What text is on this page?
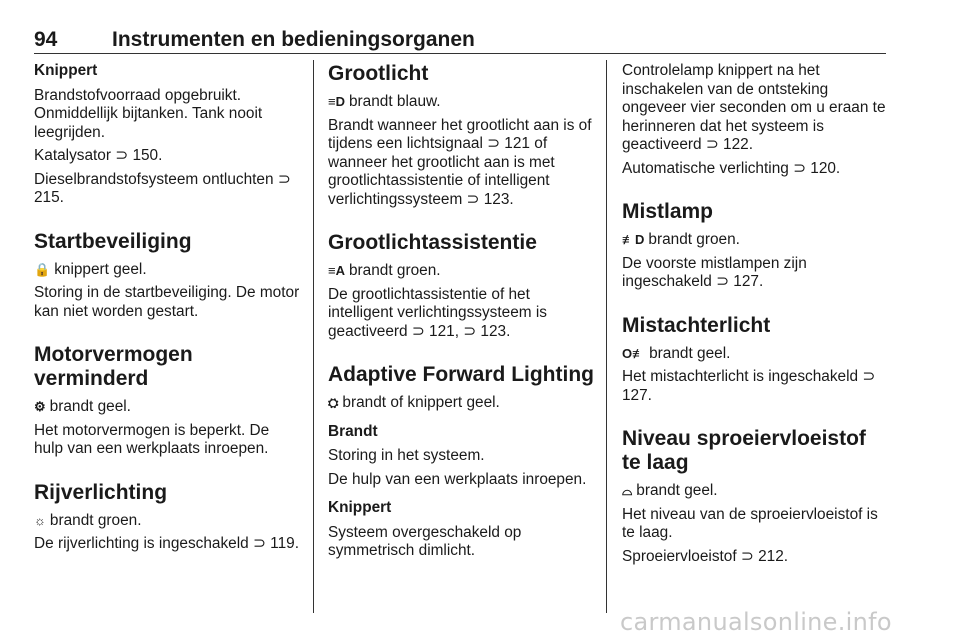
94	Instrumenten en bedieningsorganen
Knippert

Brandstofvoorraad opgebruikt. Onmiddellijk bijtanken. Tank nooit leegrijden.

Katalysator ⊃ 150.

Dieselbrandstofsysteem ontluchten ⊃ 215.

Startbeveiliging

🔒 knippert geel.

Storing in de startbeveiliging. De motor kan niet worden gestart.

Motorvermogen verminderd

⚙ brandt geel.

Het motorvermogen is beperkt. De hulp van een werkplaats inroepen.

Rijverlichting

☼ brandt groen.

De rijverlichting is ingeschakeld ⊃ 119.

Grootlicht

≡D brandt blauw.

Brandt wanneer het grootlicht aan is of tijdens een lichtsignaal ⊃ 121 of wanneer het grootlicht aan is met grootlichtassistentie of intelligent verlichtingssysteem ⊃ 123.

Grootlichtassistentie

≡A brandt groen.

De grootlichtassistentie of het intelligent verlichtingssysteem is geactiveerd ⊃ 121, ⊃ 123.

Adaptive Forward Lighting

⛭ brandt of knippert geel.

Brandt

Storing in het systeem.

De hulp van een werkplaats inroepen.

Knippert

Systeem overgeschakeld op symmetrisch dimlicht.

Controlelamp knippert na het inschakelen van de ontsteking ongeveer vier seconden om u eraan te herinneren dat het systeem is geactiveerd ⊃ 122.

Automatische verlichting ⊃ 120.

Mistlamp

≢D brandt groen.

De voorste mistlampen zijn ingeschakeld ⊃ 127.

Mistachterlicht

O≢ brandt geel.

Het mistachterlicht is ingeschakeld ⊃ 127.

Niveau sproeiervloeistof te laag

⌓ brandt geel.

Het niveau van de sproeiervloeistof is te laag.

Sproeiervloeistof ⊃ 212.

carmanualsonline.info
